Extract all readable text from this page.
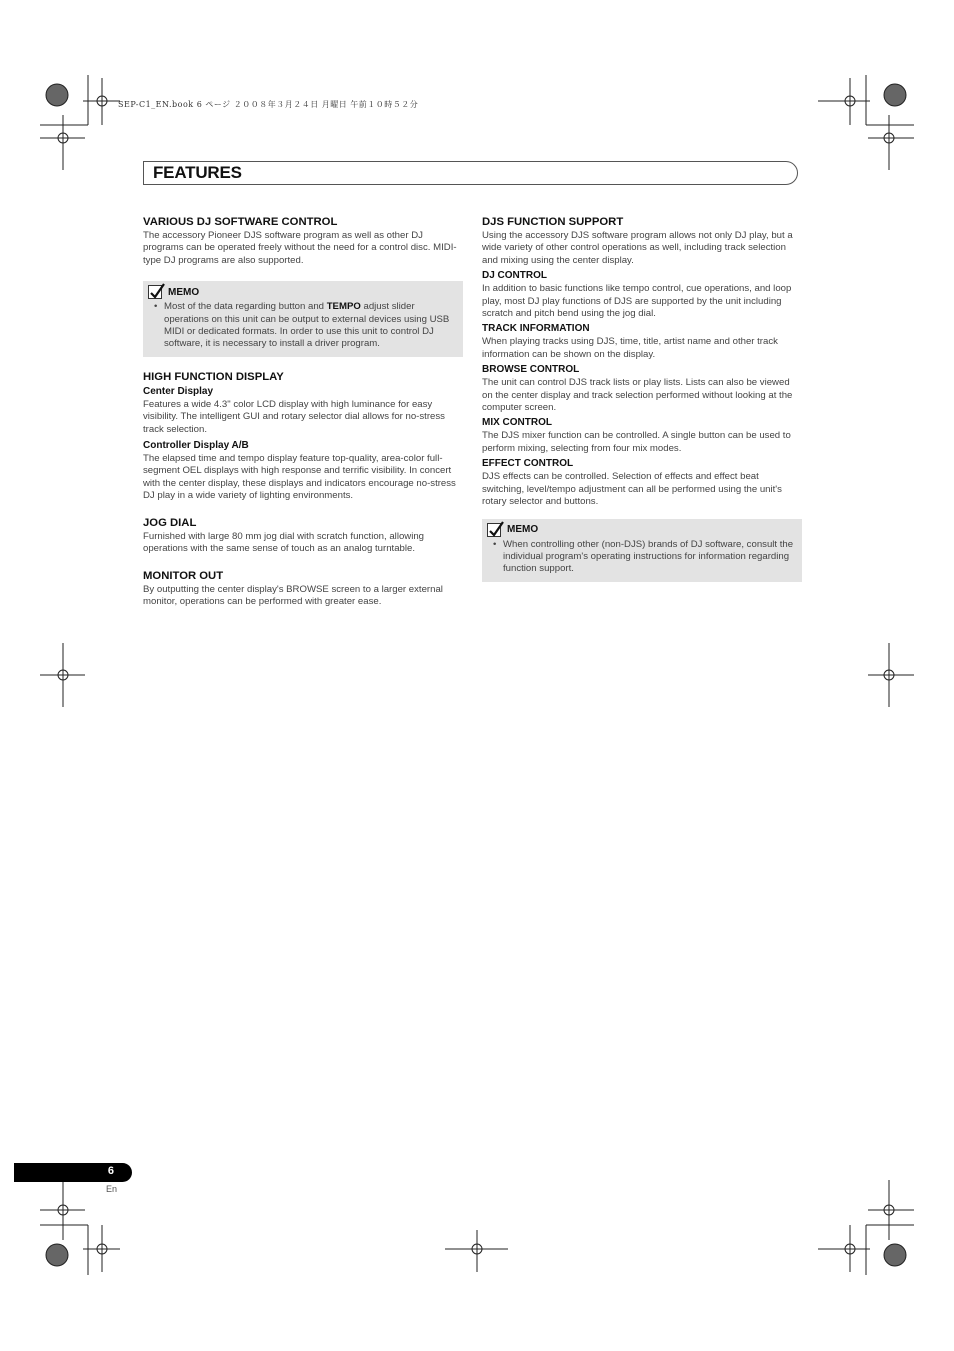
SEP-C1_EN.book 6 ページ ２００８年３月２４日 月曜日 午前１０時５２分
FEATURES
VARIOUS DJ SOFTWARE CONTROL

The accessory Pioneer DJS software program as well as other DJ programs can be operated freely without the need for a control disc. MIDI-type DJ programs are also supported.

MEMO
• Most of the data regarding button and TEMPO adjust slider operations on this unit can be output to external devices using USB MIDI or dedicated formats. In order to use this unit to control DJ software, it is necessary to install a driver program.
HIGH FUNCTION DISPLAY
Center Display

Features a wide 4.3" color LCD display with high luminance for easy visibility. The intelligent GUI and rotary selector dial allows for no-stress track selection.

Controller Display A/B

The elapsed time and tempo display feature top-quality, area-color full-segment OEL displays with high response and terrific visibility. In concert with the center display, these displays and indicators encourage no-stress DJ play in a wide variety of lighting environments.

JOG DIAL

Furnished with large 80 mm jog dial with scratch function, allowing operations with the same sense of touch as an analog turntable.

MONITOR OUT

By outputting the center display's BROWSE screen to a larger external monitor, operations can be performed with greater ease.

DJS FUNCTION SUPPORT

Using the accessory DJS software program allows not only DJ play, but a wide variety of other control operations as well, including track selection and mixing using the center display.

DJ CONTROL

In addition to basic functions like tempo control, cue operations, and loop play, most DJ play functions of DJS are supported by the unit including scratch and pitch bend using the jog dial.

TRACK INFORMATION

When playing tracks using DJS, time, title, artist name and other track information can be shown on the display.

BROWSE CONTROL

The unit can control DJS track lists or play lists. Lists can also be viewed on the center display and track selection performed without looking at the computer screen.

MIX CONTROL

The DJS mixer function can be controlled. A single button can be used to perform mixing, selecting from four mix modes.

EFFECT CONTROL

DJS effects can be controlled. Selection of effects and effect beat switching, level/tempo adjustment can all be performed using the unit's rotary selector and buttons.

MEMO
• When controlling other (non-DJS) brands of DJ software, consult the individual program's operating instructions for information regarding function support.
6
En
